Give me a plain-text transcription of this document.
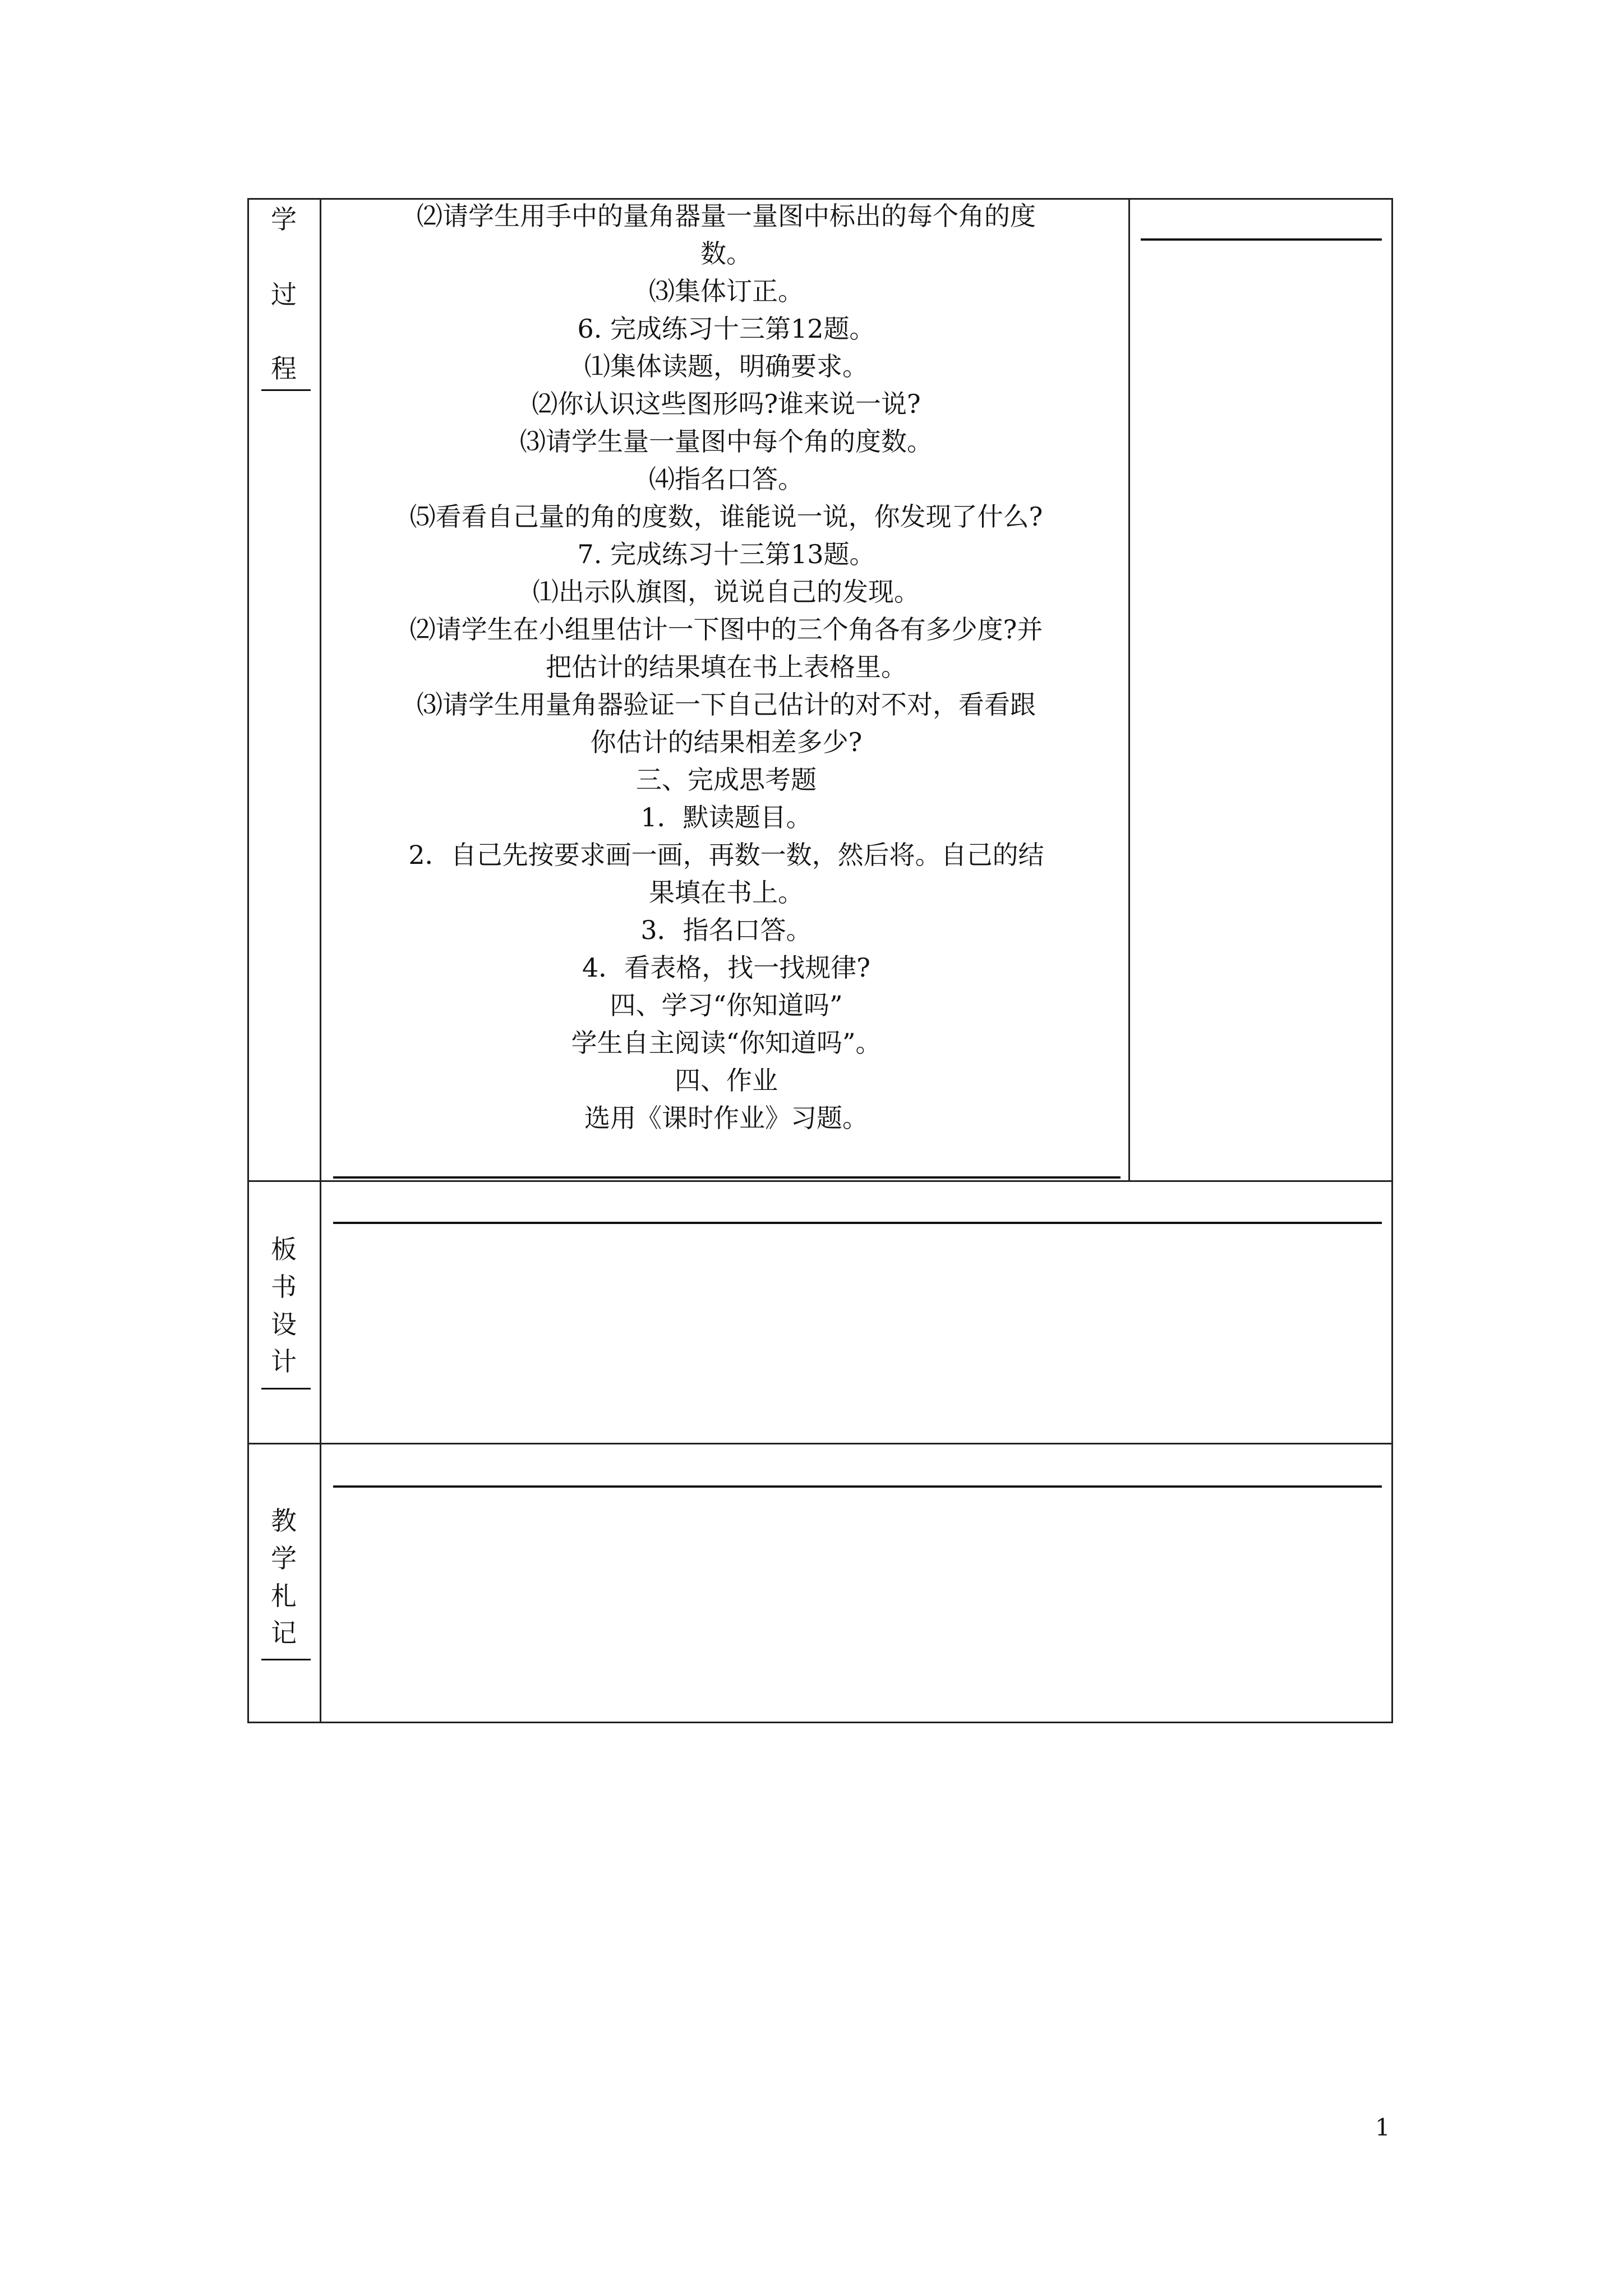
学
过
程
板
书
设
计
教
学
札
记
⑵请学生用手中的量角器量一量图中标出的每个角的度
数。
⑶集体订正。
6. 完成练习十三第12题。
⑴集体读题，明确要求。
⑵你认识这些图形吗?谁来说一说?
⑶请学生量一量图中每个角的度数。
⑷指名口答。
⑸看看自己量的角的度数，谁能说一说，你发现了什么?
7. 完成练习十三第13题。
⑴出示队旗图，说说自己的发现。
⑵请学生在小组里估计一下图中的三个角各有多少度?并
把估计的结果填在书上表格里。
⑶请学生用量角器验证一下自己估计的对不对，看看跟
你估计的结果相差多少?
三、完成思考题
1．默读题目。
2．自己先按要求画一画，再数一数，然后将。自己的结
果填在书上。
3．指名口答。
4．看表格，找一找规律?
四、学习“你知道吗”
学生自主阅读“你知道吗”。
四、作业
选用《课时作业》习题。
1
